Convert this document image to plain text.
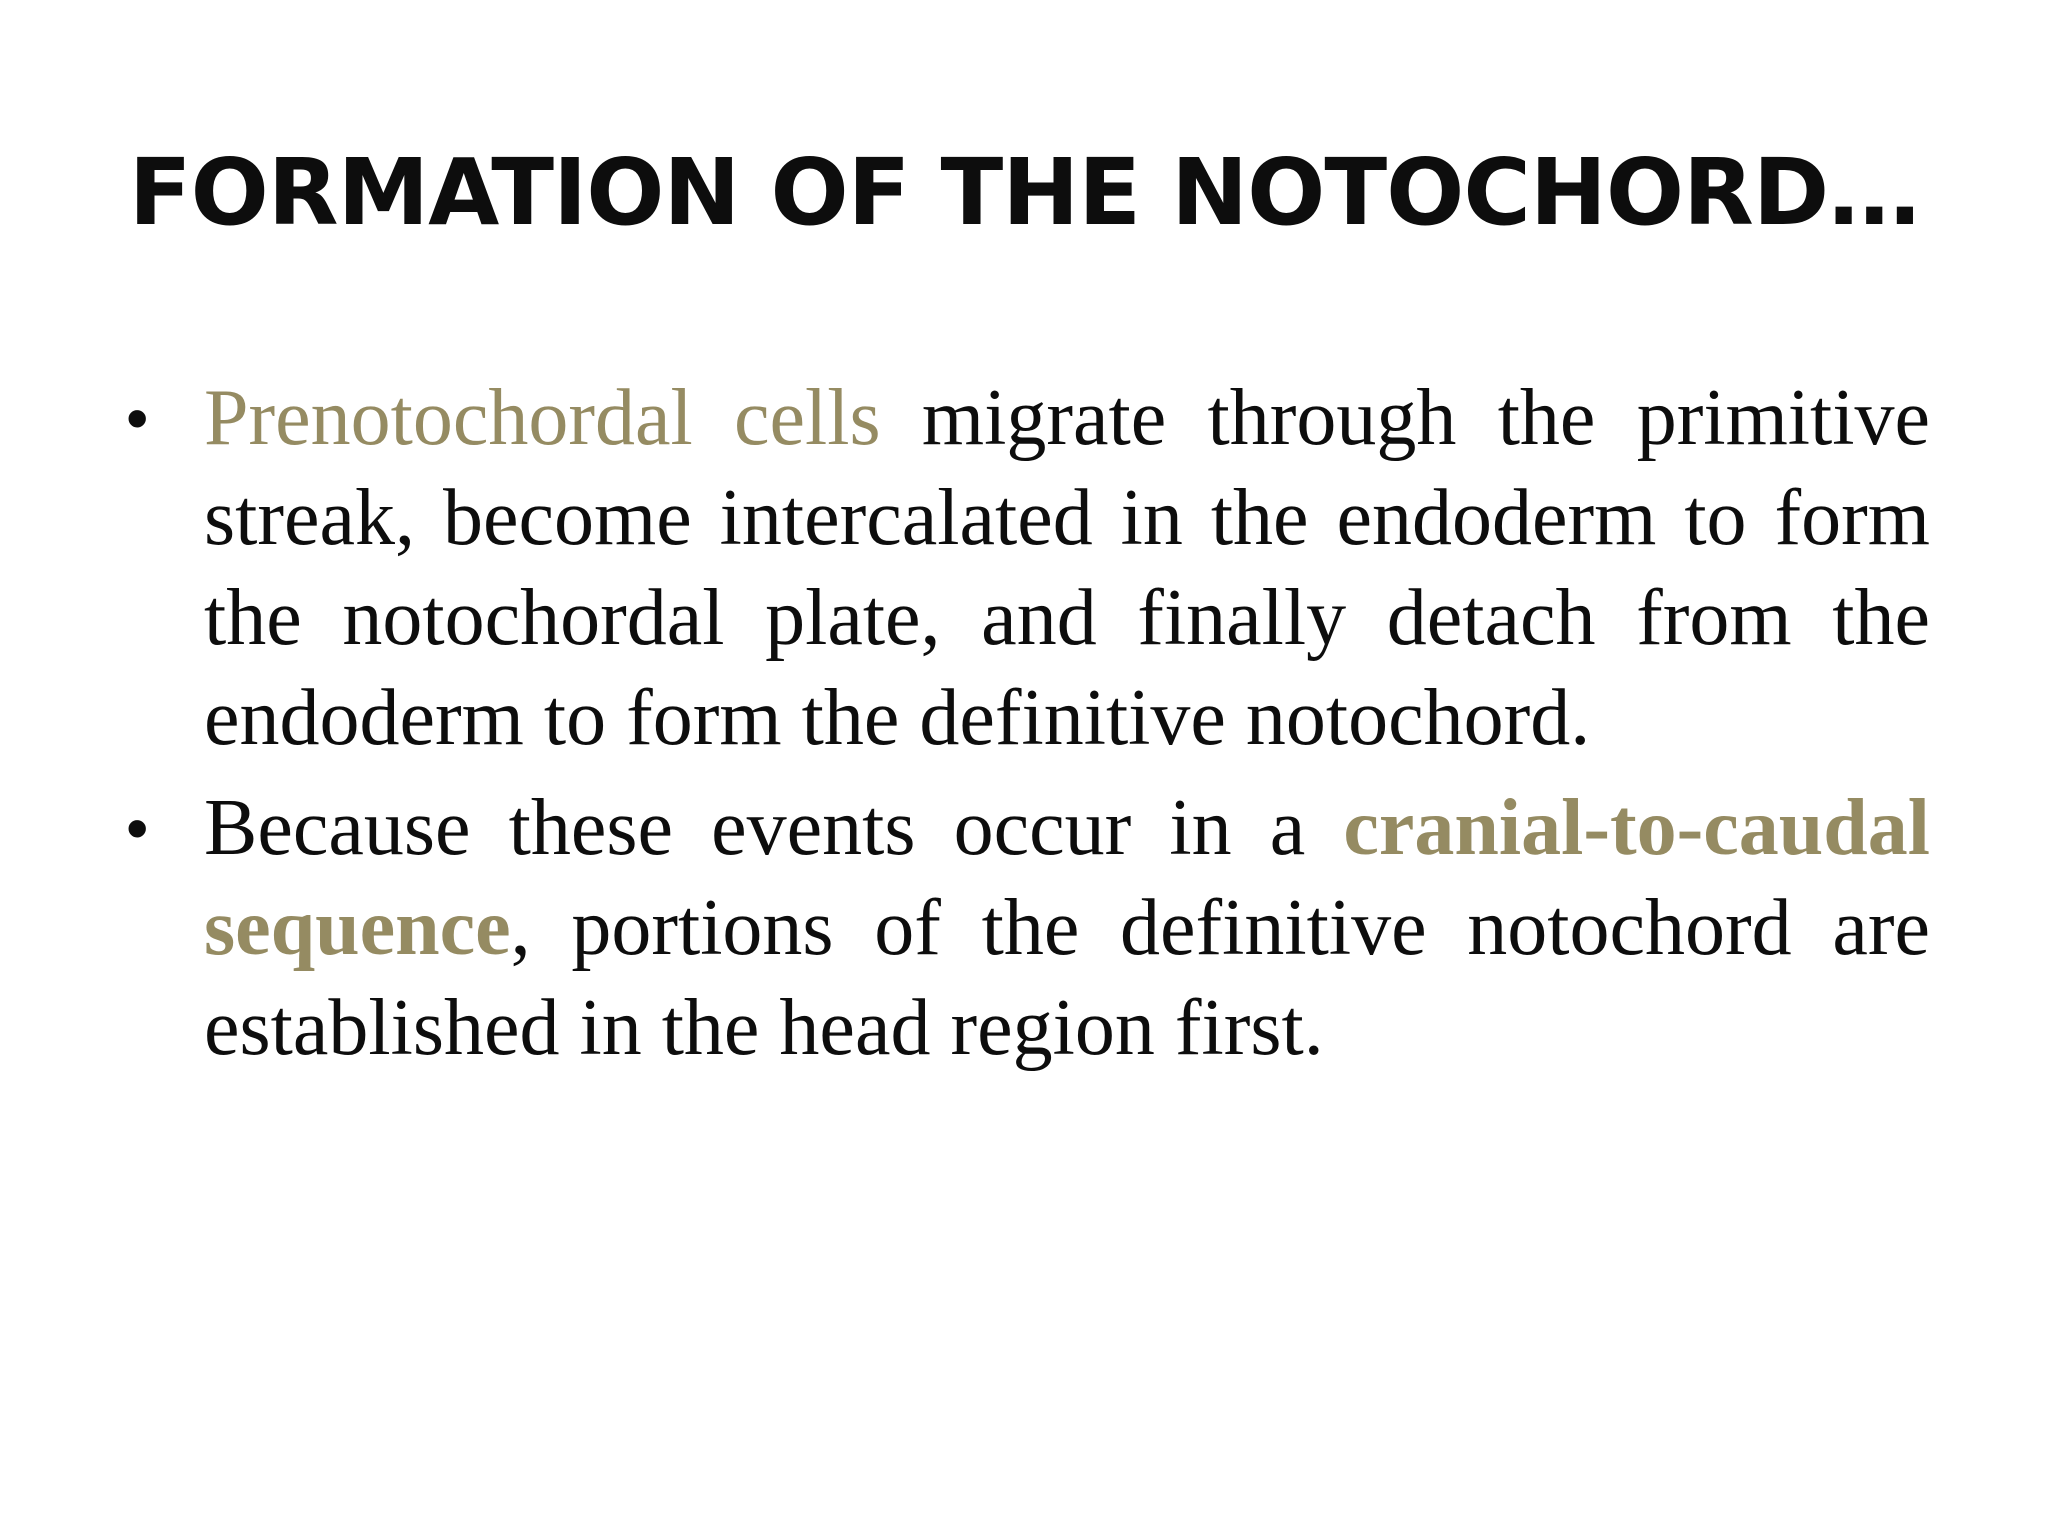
FORMATION OF THE NOTOCHORD…
• Prenotochordal cells migrate through the primitive streak, become intercalated in the endoderm to form the notochordal plate, and finally detach from the endoderm to form the definitive notochord.
• Because these events occur in a cranial-to-caudal sequence, portions of the definitive notochord are established in the head region first.
